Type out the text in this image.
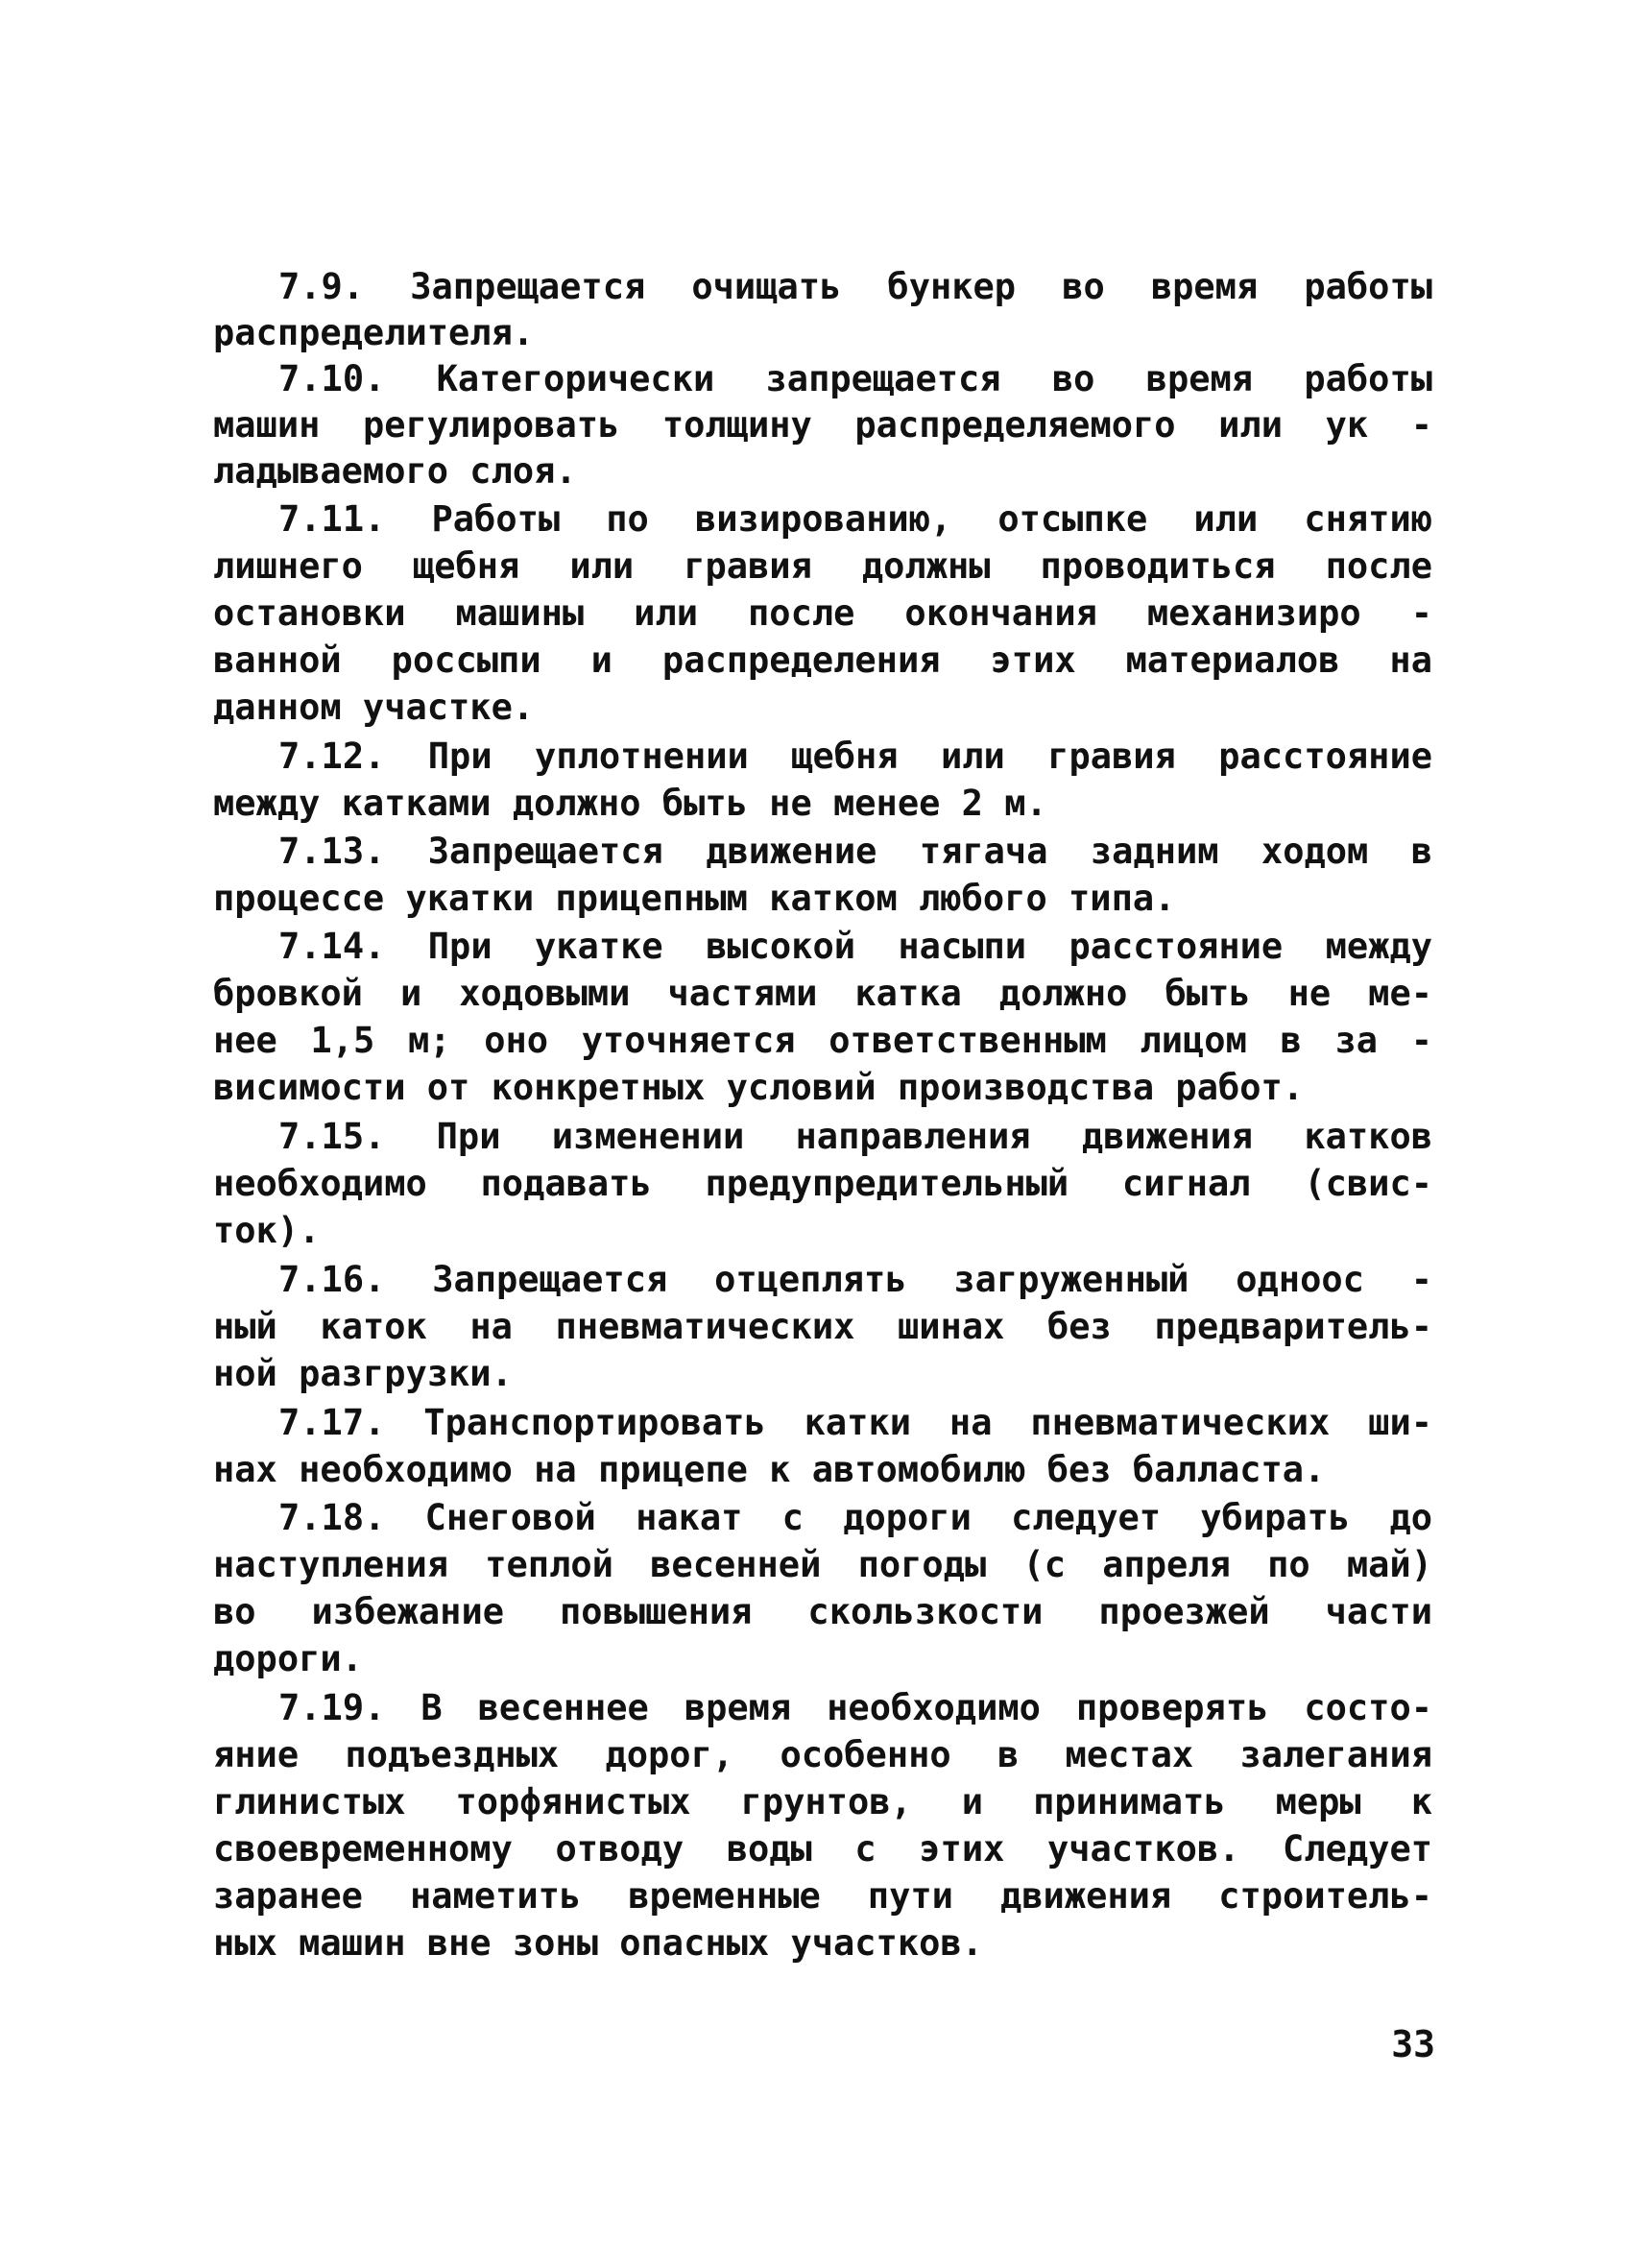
7.9. Запрещается очищать бункер во время работы

распределителя.

7.10. Категорически запрещается во время работы

машин регулировать толщину распределяемого или ук -

ладываемого слоя.

7.11. Работы по визированию, отсыпке или снятию

лишнего щебня или гравия должны проводиться после

остановки машины или после окончания механизиро -

ванной россыпи и распределения этих материалов на

данном участке.

7.12. При уплотнении щебня или гравия расстояние

между катками должно быть не менее 2 м.

7.13. Запрещается движение тягача задним ходом в

процессе укатки прицепным катком любого типа.

7.14. При укатке высокой насыпи расстояние между

бровкой и ходовыми частями катка должно быть не ме-

нее 1,5 м; оно уточняется ответственным лицом в за -

висимости от конкретных условий производства работ.

7.15. При изменении направления движения катков

необходимо подавать предупредительный сигнал (свис-

ток).

7.16. Запрещается отцеплять загруженный одноос -

ный каток на пневматических шинах без предваритель-

ной разгрузки.

7.17. Транспортировать катки на пневматических ши-

нах необходимо на прицепе к автомобилю без балласта.

7.18. Снеговой накат с дороги следует убирать до

наступления теплой весенней погоды (с апреля по май)

во избежание повышения скользкости проезжей части

дороги.

7.19. В весеннее время необходимо проверять состо-

яние подъездных дорог, особенно в местах залегания

глинистых торфянистых грунтов, и принимать меры к

своевременному отводу воды с этих участков. Следует

заранее наметить временные пути движения строитель-

ных машин вне зоны опасных участков.

33
